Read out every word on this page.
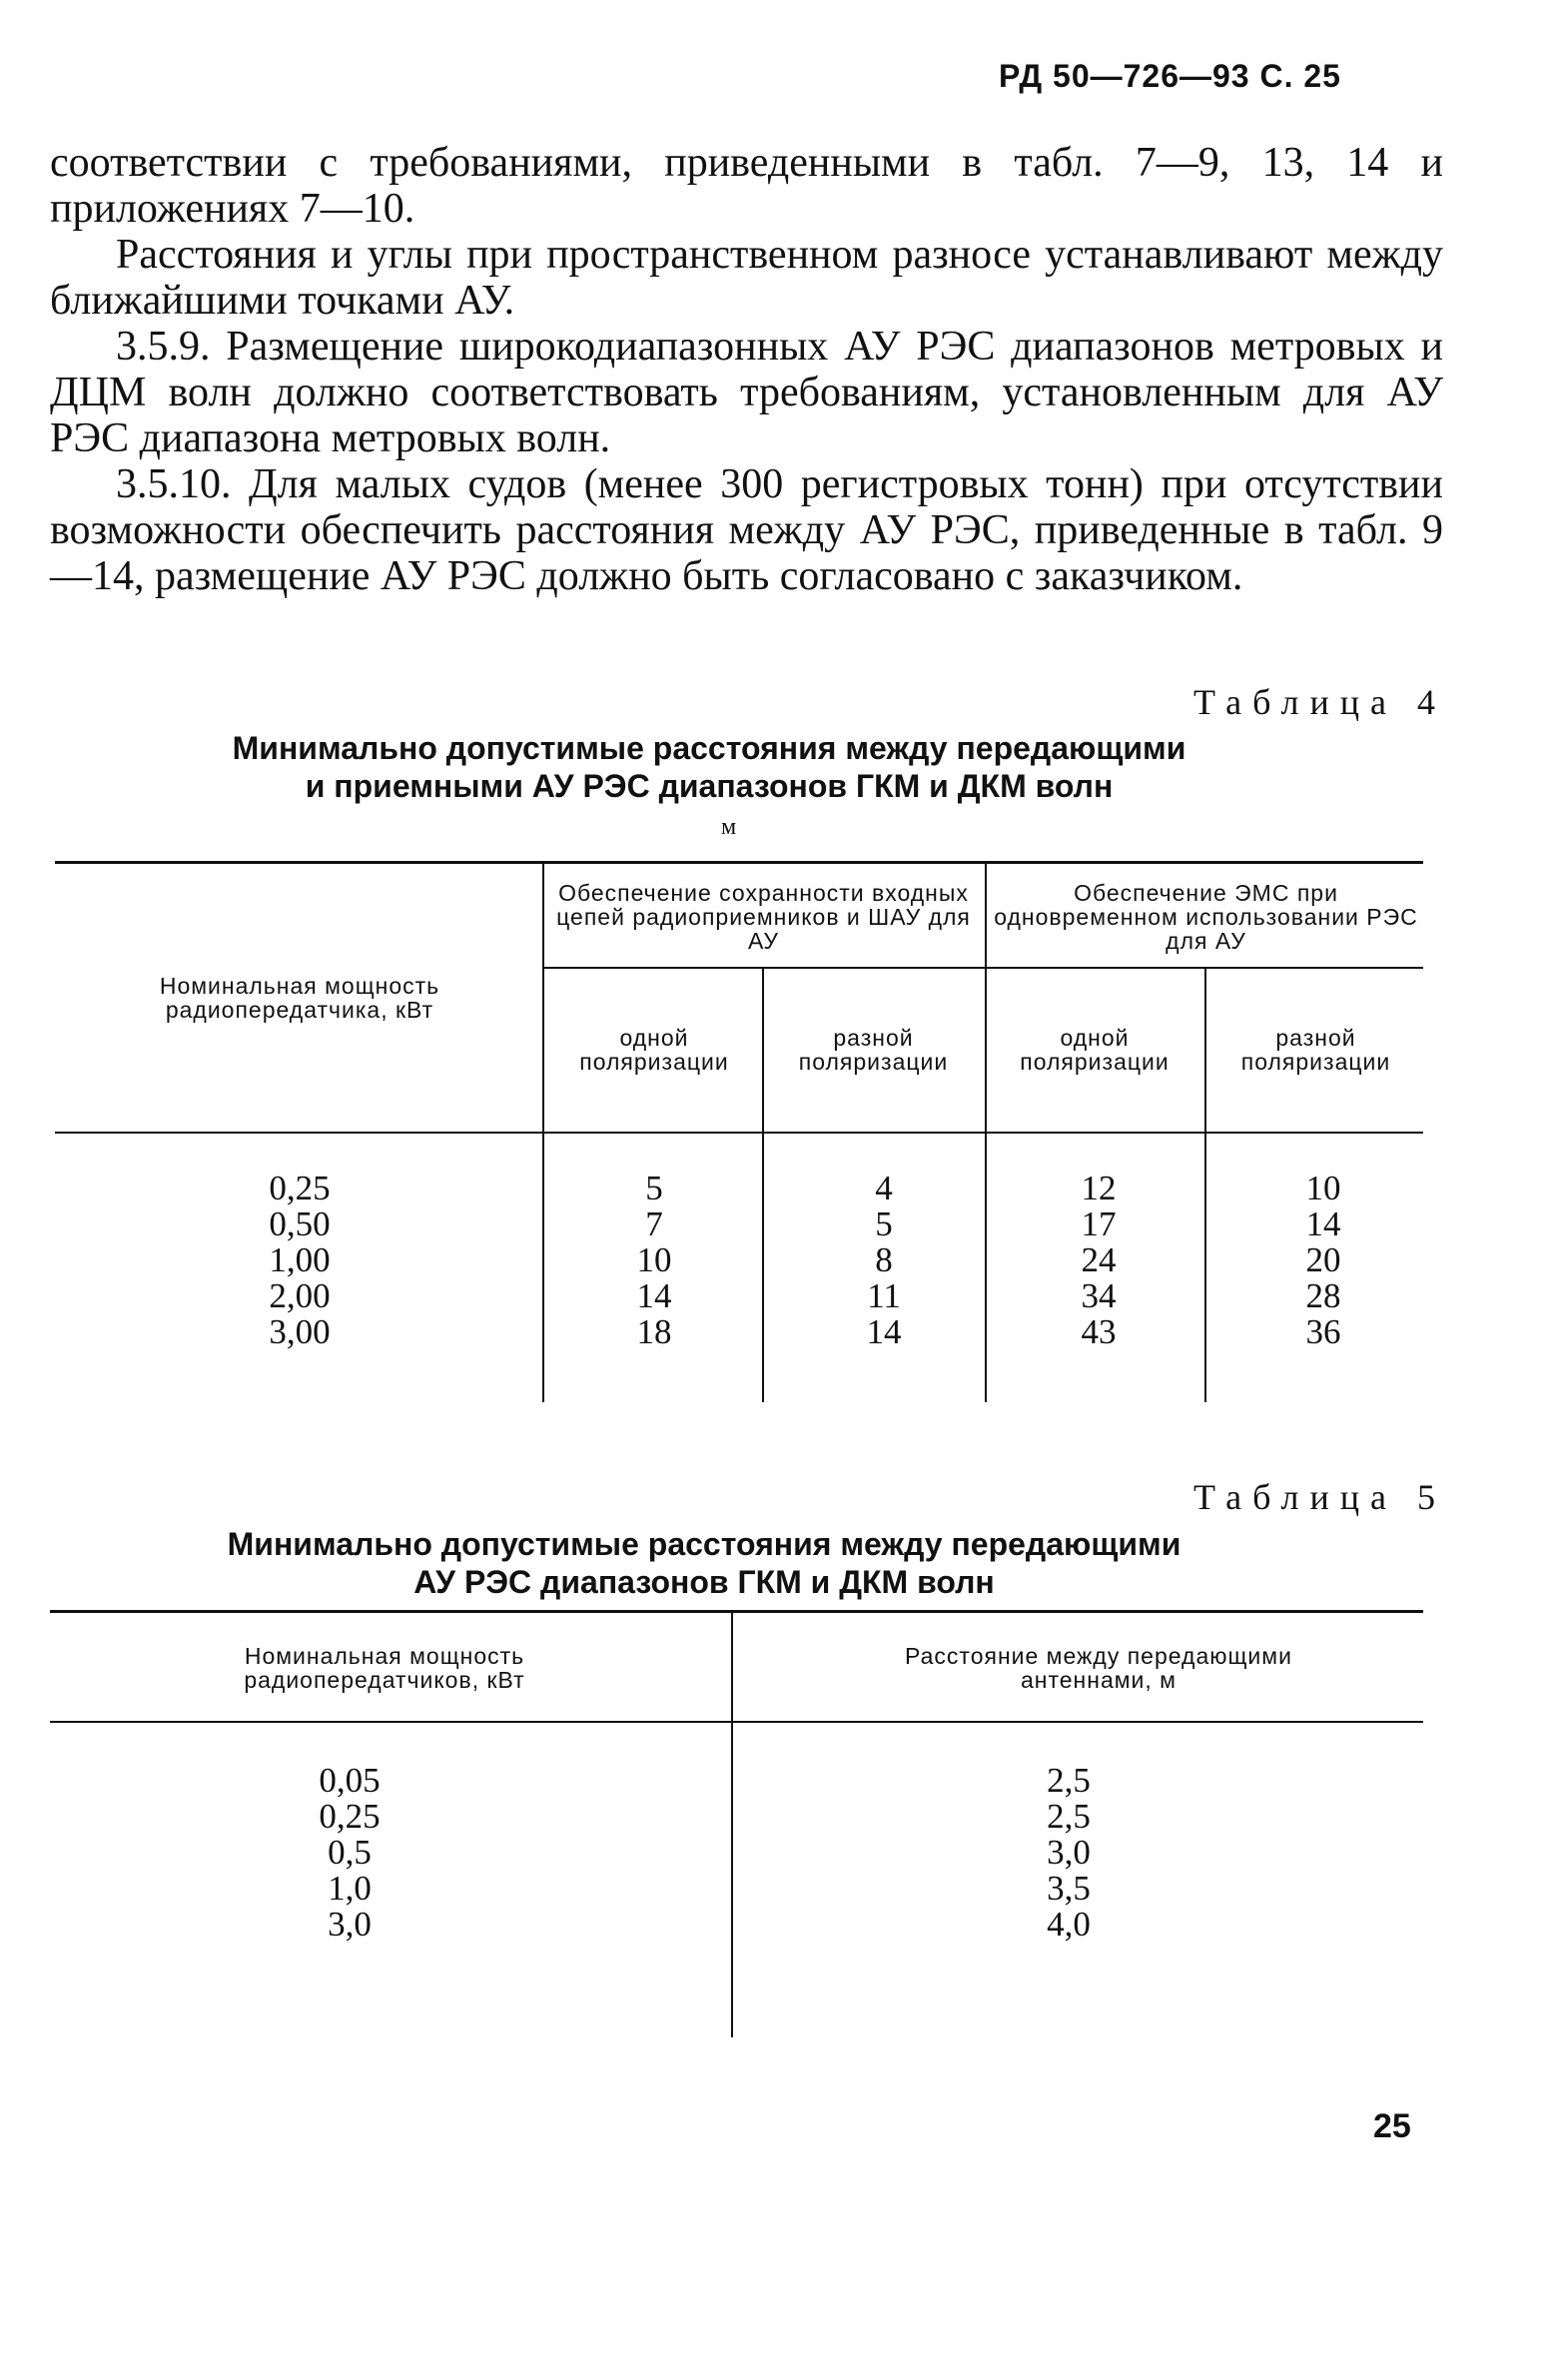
РД 50—726—93 С. 25

соответствии с требованиями, приведенными в табл. 7—9, 13, 14 и приложениях 7—10.

Расстояния и углы при пространственном разносе устанавливают между ближайшими точками АУ.

3.5.9. Размещение широкодиапазонных АУ РЭС диапазонов метровых и ДЦМ волн должно соответствовать требованиям, установленным для АУ РЭС диапазона метровых волн.

3.5.10. Для малых судов (менее 300 регистровых тонн) при отсутствии возможности обеспечить расстояния между АУ РЭС, приведенные в табл. 9—14, размещение АУ РЭС должно быть согласовано с заказчиком.

Таблица 4
Минимально допустимые расстояния между передающими
и приемными АУ РЭС диапазонов ГКМ и ДКМ волн
м
Номинальная мощность радиопередатчика, кВт
Обеспечение сохранности входных цепей радиоприемников и ШАУ для АУ
Обеспечение ЭМС при одновременном использовании РЭС для АУ
одной поляризации
разной поляризации
одной поляризации
разной поляризации
0,25
0,50
1,00
2,00
3,00
5
7
10
14
18
4
5
8
11
14
12
17
24
34
43
10
14
20
28
36
Таблица 5
Минимально допустимые расстояния между передающими
АУ РЭС диапазонов ГКМ и ДКМ волн
Номинальная мощность радиопередатчиков, кВт
Расстояние между передающими антеннами, м
0,05
0,25
0,5
1,0
3,0
2,5
2,5
3,0
3,5
4,0
25
